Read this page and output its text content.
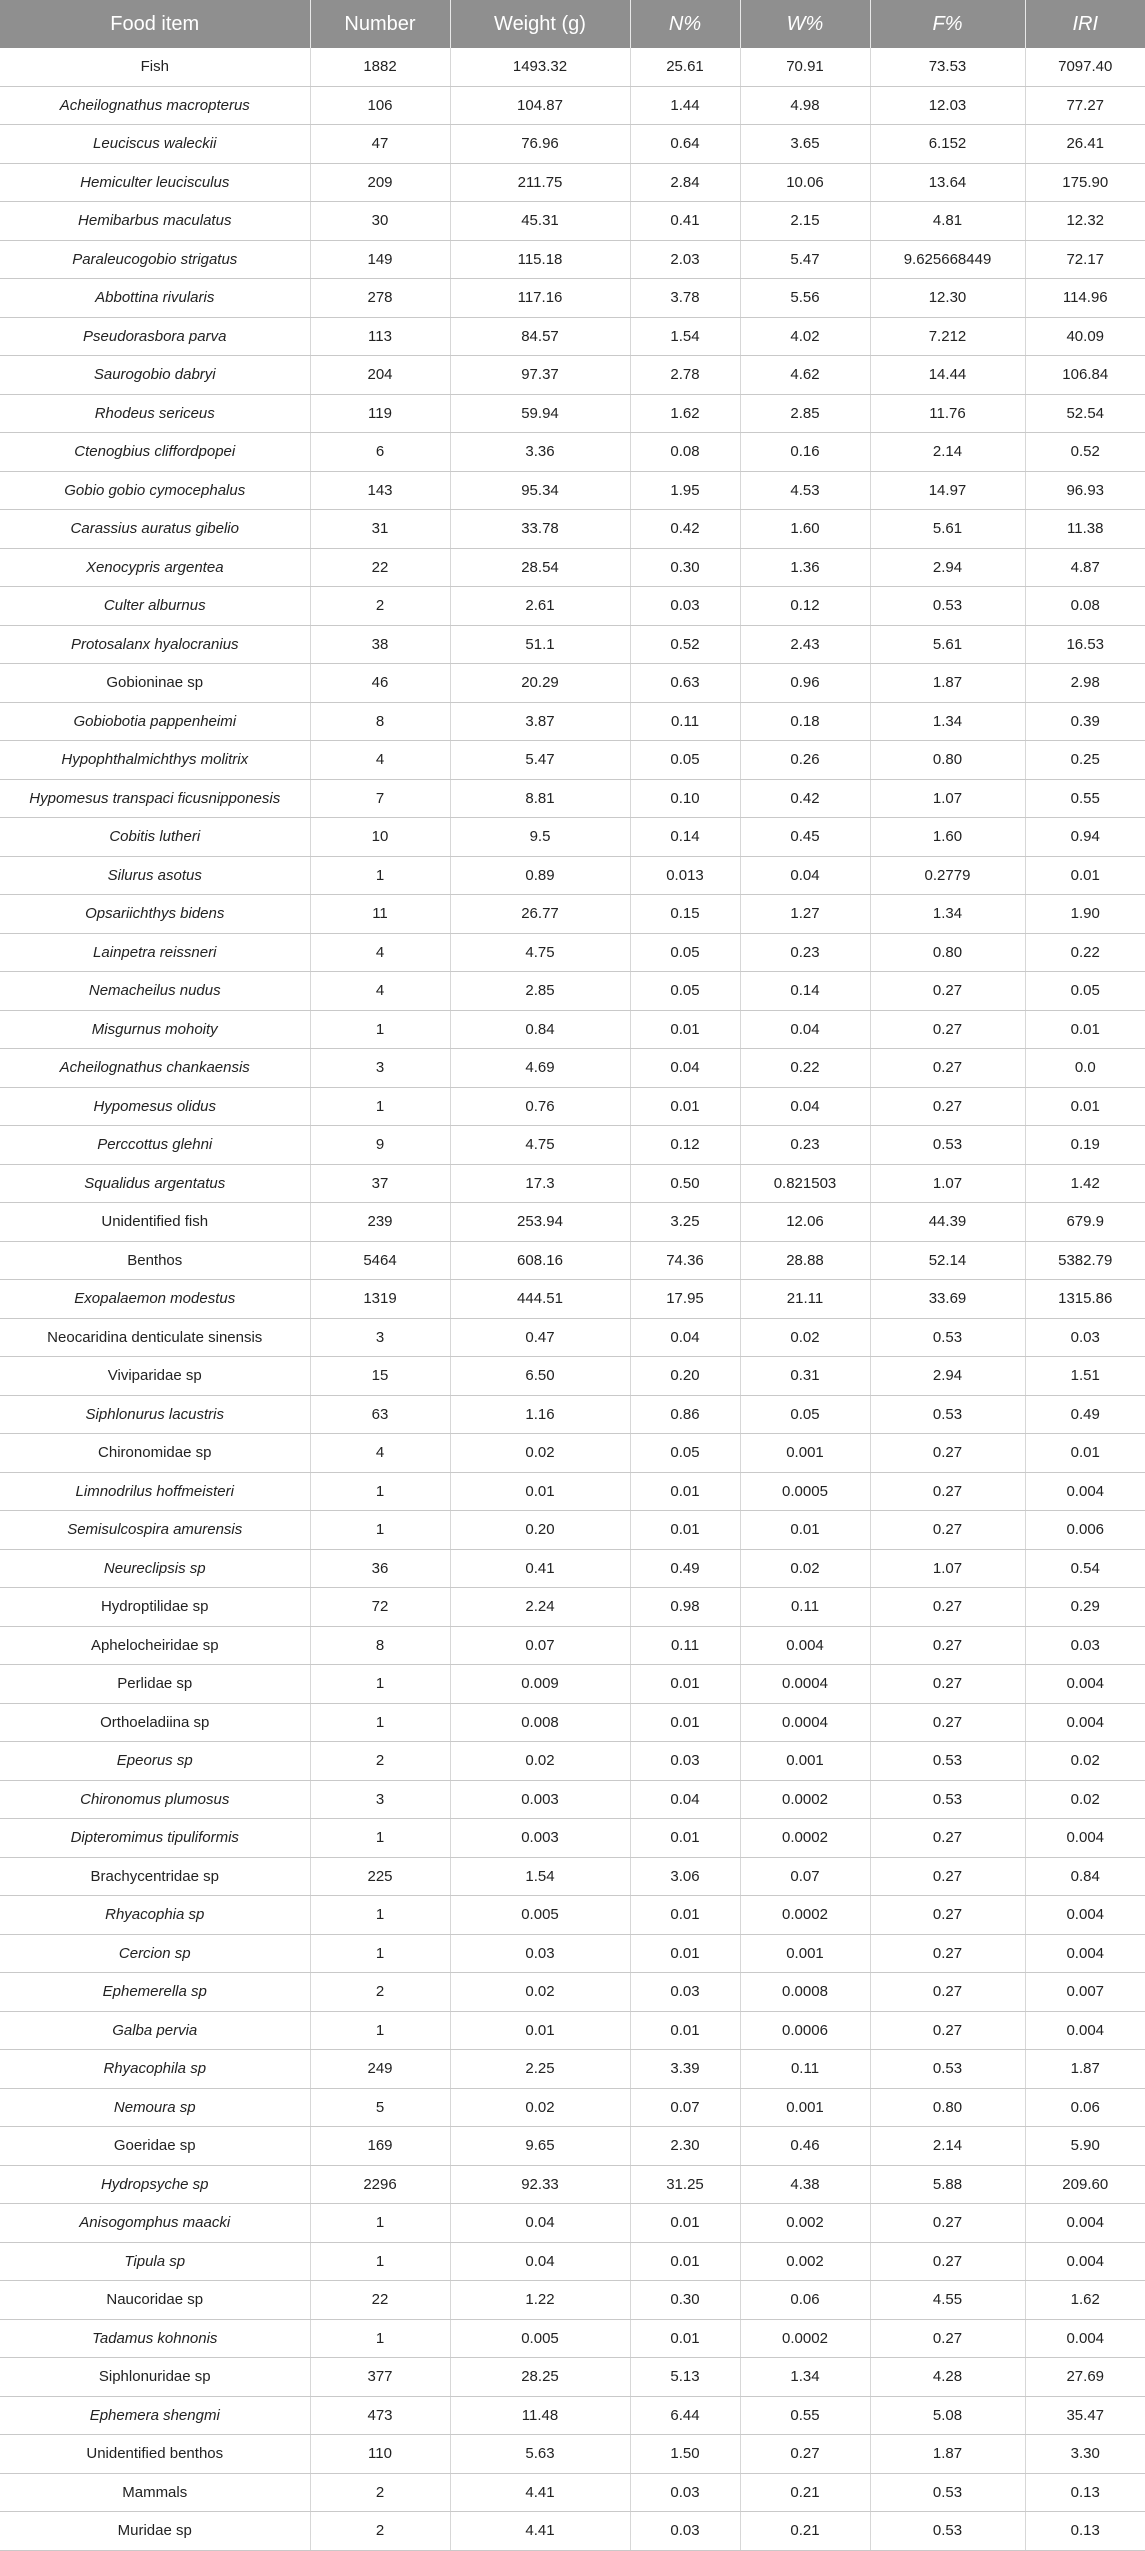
Food item	Number	Weight (g)	N%	W%	F%	IRI
Fish	1882	1493.32	25.61	70.91	73.53	7097.40
Acheilognathus macropterus	106	104.87	1.44	4.98	12.03	77.27
Leuciscus waleckii	47	76.96	0.64	3.65	6.152	26.41
Hemiculter leucisculus	209	211.75	2.84	10.06	13.64	175.90
Hemibarbus maculatus	30	45.31	0.41	2.15	4.81	12.32
Paraleucogobio strigatus	149	115.18	2.03	5.47	9.625668449	72.17
Abbottina rivularis	278	117.16	3.78	5.56	12.30	114.96
Pseudorasbora parva	113	84.57	1.54	4.02	7.212	40.09
Saurogobio dabryi	204	97.37	2.78	4.62	14.44	106.84
Rhodeus sericeus	119	59.94	1.62	2.85	11.76	52.54
Ctenogbius cliffordpopei	6	3.36	0.08	0.16	2.14	0.52
Gobio gobio cymocephalus	143	95.34	1.95	4.53	14.97	96.93
Carassius auratus gibelio	31	33.78	0.42	1.60	5.61	11.38
Xenocypris argentea	22	28.54	0.30	1.36	2.94	4.87
Culter alburnus	2	2.61	0.03	0.12	0.53	0.08
Protosalanx hyalocranius	38	51.1	0.52	2.43	5.61	16.53
Gobioninae sp	46	20.29	0.63	0.96	1.87	2.98
Gobiobotia pappenheimi	8	3.87	0.11	0.18	1.34	0.39
Hypophthalmichthys molitrix	4	5.47	0.05	0.26	0.80	0.25
Hypomesus transpaci ficusnipponesis	7	8.81	0.10	0.42	1.07	0.55
Cobitis lutheri	10	9.5	0.14	0.45	1.60	0.94
Silurus asotus	1	0.89	0.013	0.04	0.2779	0.01
Opsariichthys bidens	11	26.77	0.15	1.27	1.34	1.90
Lainpetra reissneri	4	4.75	0.05	0.23	0.80	0.22
Nemacheilus nudus	4	2.85	0.05	0.14	0.27	0.05
Misgurnus mohoity	1	0.84	0.01	0.04	0.27	0.01
Acheilognathus chankaensis	3	4.69	0.04	0.22	0.27	0.0
Hypomesus olidus	1	0.76	0.01	0.04	0.27	0.01
Perccottus glehni	9	4.75	0.12	0.23	0.53	0.19
Squalidus argentatus	37	17.3	0.50	0.821503	1.07	1.42
Unidentified fish	239	253.94	3.25	12.06	44.39	679.9
Benthos	5464	608.16	74.36	28.88	52.14	5382.79
Exopalaemon modestus	1319	444.51	17.95	21.11	33.69	1315.86
Neocaridina denticulate sinensis	3	0.47	0.04	0.02	0.53	0.03
Viviparidae sp	15	6.50	0.20	0.31	2.94	1.51
Siphlonurus lacustris	63	1.16	0.86	0.05	0.53	0.49
Chironomidae sp	4	0.02	0.05	0.001	0.27	0.01
Limnodrilus hoffmeisteri	1	0.01	0.01	0.0005	0.27	0.004
Semisulcospira amurensis	1	0.20	0.01	0.01	0.27	0.006
Neureclipsis sp	36	0.41	0.49	0.02	1.07	0.54
Hydroptilidae sp	72	2.24	0.98	0.11	0.27	0.29
Aphelocheiridae sp	8	0.07	0.11	0.004	0.27	0.03
Perlidae sp	1	0.009	0.01	0.0004	0.27	0.004
Orthoeladiina sp	1	0.008	0.01	0.0004	0.27	0.004
Epeorus sp	2	0.02	0.03	0.001	0.53	0.02
Chironomus plumosus	3	0.003	0.04	0.0002	0.53	0.02
Dipteromimus tipuliformis	1	0.003	0.01	0.0002	0.27	0.004
Brachycentridae sp	225	1.54	3.06	0.07	0.27	0.84
Rhyacophia sp	1	0.005	0.01	0.0002	0.27	0.004
Cercion sp	1	0.03	0.01	0.001	0.27	0.004
Ephemerella sp	2	0.02	0.03	0.0008	0.27	0.007
Galba pervia	1	0.01	0.01	0.0006	0.27	0.004
Rhyacophila sp	249	2.25	3.39	0.11	0.53	1.87
Nemoura sp	5	0.02	0.07	0.001	0.80	0.06
Goeridae sp	169	9.65	2.30	0.46	2.14	5.90
Hydropsyche sp	2296	92.33	31.25	4.38	5.88	209.60
Anisogomphus maacki	1	0.04	0.01	0.002	0.27	0.004
Tipula sp	1	0.04	0.01	0.002	0.27	0.004
Naucoridae sp	22	1.22	0.30	0.06	4.55	1.62
Tadamus kohnonis	1	0.005	0.01	0.0002	0.27	0.004
Siphlonuridae sp	377	28.25	5.13	1.34	4.28	27.69
Ephemera shengmi	473	11.48	6.44	0.55	5.08	35.47
Unidentified benthos	110	5.63	1.50	0.27	1.87	3.30
Mammals	2	4.41	0.03	0.21	0.53	0.13
Muridae sp	2	4.41	0.03	0.21	0.53	0.13
